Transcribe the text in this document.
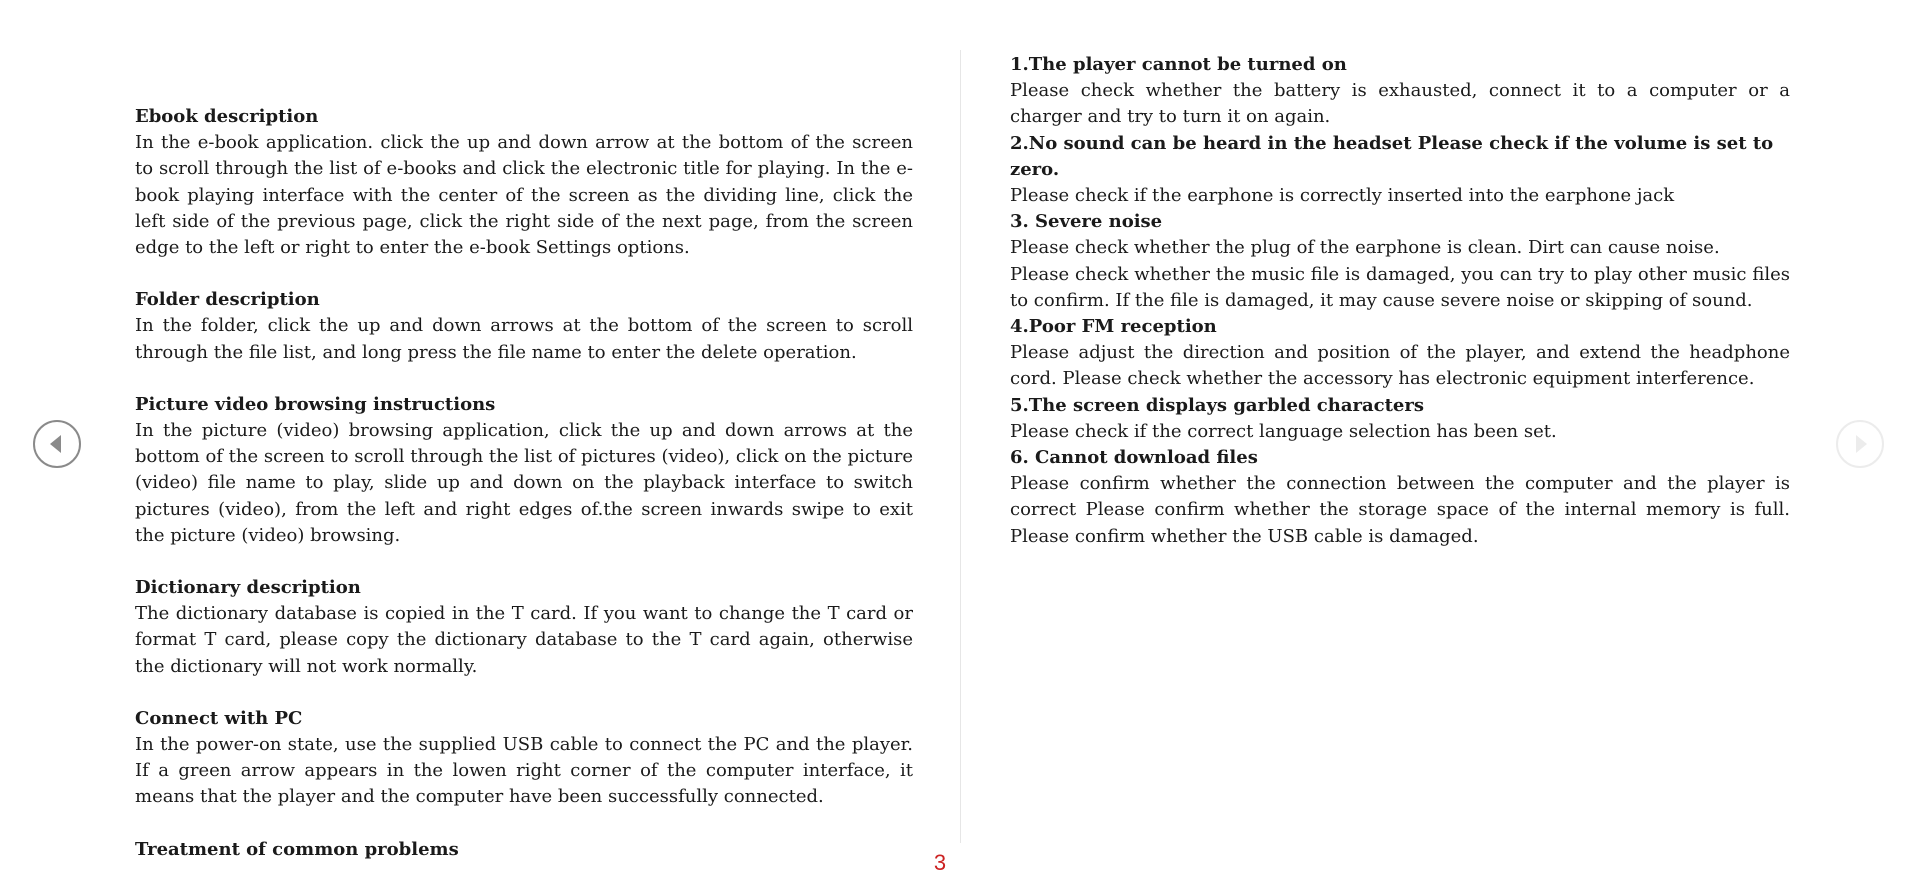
Ebook description

In the e-book application. click the up and down arrow at the bottom of the screen to scroll through the list of e-books and click the electronic title for playing. In the e-book playing interface with the center of the screen as the dividing line, click the left side of the previous page, click the right side of the next page, from the screen edge to the left or right to enter the e-book Settings options.

Folder description

In the folder, click the up and down arrows at the bottom of the screen to scroll through the file list, and long press the file name to enter the delete operation.

Picture video browsing instructions

In the picture (video) browsing application, click the up and down arrows at the bottom of the screen to scroll through the list of pictures (video), click on the picture (video) file name to play, slide up and down on the playback interface to switch pictures (video), from the left and right edges of.the screen inwards swipe to exit the picture (video) browsing.

Dictionary description

The dictionary database is copied in the T card. If you want to change the T card or format T card, please copy the dictionary database to the T card again, otherwise the dictionary will not work normally.

Connect with PC

In the power-on state, use the supplied USB cable to connect the PC and the player. If a green arrow appears in the lowen right corner of the computer interface, it means that the player and the computer have been successfully connected.

Treatment of common problems

1.The player cannot be turned on

Please check whether the battery is exhausted, connect it to a computer or a charger and try to turn it on again.

2.No sound can be heard in the headset Please check if the volume is set to zero.

Please check if the earphone is correctly inserted into the earphone jack

3. Severe noise

Please check whether the plug of the earphone is clean. Dirt can cause noise.

Please check whether the music file is damaged, you can try to play other music files to confirm. If the file is damaged, it may cause severe noise or skipping of sound.

4.Poor FM reception

Please adjust the direction and position of the player, and extend the headphone cord. Please check whether the accessory has electronic equipment interference.

5.The screen displays garbled characters

Please check if the correct language selection has been set.

6. Cannot download files

Please confirm whether the connection between the computer and the player is correct Please confirm whether the storage space of the internal memory is full. Please confirm whether the USB cable is damaged.

3
